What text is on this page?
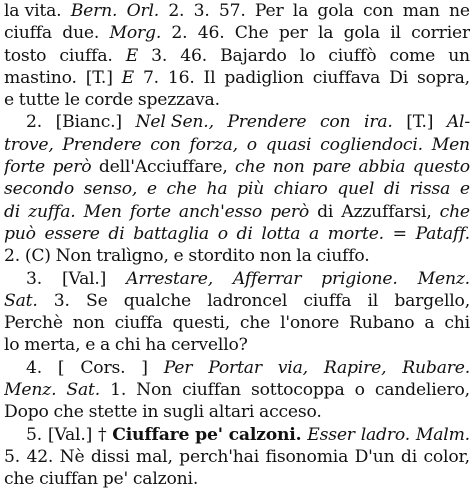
la vita. Bern. Orl. 2. 3. 57. Per la gola con man ne
ciuffa due. Morg. 2. 46. Che per la gola il corrier
tosto ciuffa. E 3. 46. Bajardo lo ciuffò come un
mastino. [T.] E 7. 16. Il padiglion ciuffava Di sopra,
e tutte le corde spezzava.
2. [Bianc.] Nel Sen., Prendere con ira. [T.] Al-
trove, Prendere con forza, o quasi cogliendoci. Men
forte però dell'Acciuffare, che non pare abbia questo
secondo senso, e che ha più chiaro quel di rissa e
di zuffa. Men forte anch'esso però di Azzuffarsi, che
può essere di battaglia o di lotta a morte. = Pataff.
2. (C) Non tralìgno, e stordito non la ciuffo.
3. [Val.] Arrestare, Afferrar prigione. Menz.
Sat. 3. Se qualche ladroncel ciuffa il bargello,
Perchè non ciuffa questi, che l'onore Rubano a chi
lo merta, e a chi ha cervello?
4. [ Cors. ] Per Portar via, Rapire, Rubare.
Menz. Sat. 1. Non ciuffan sottocoppa o candeliero,
Dopo che stette in sugli altari acceso.
5. [Val.] † Ciuffare pe' calzoni. Esser ladro. Malm.
5. 42. Nè dissi mal, perch'hai fisonomia D'un di color,
che ciuffan pe' calzoni.
